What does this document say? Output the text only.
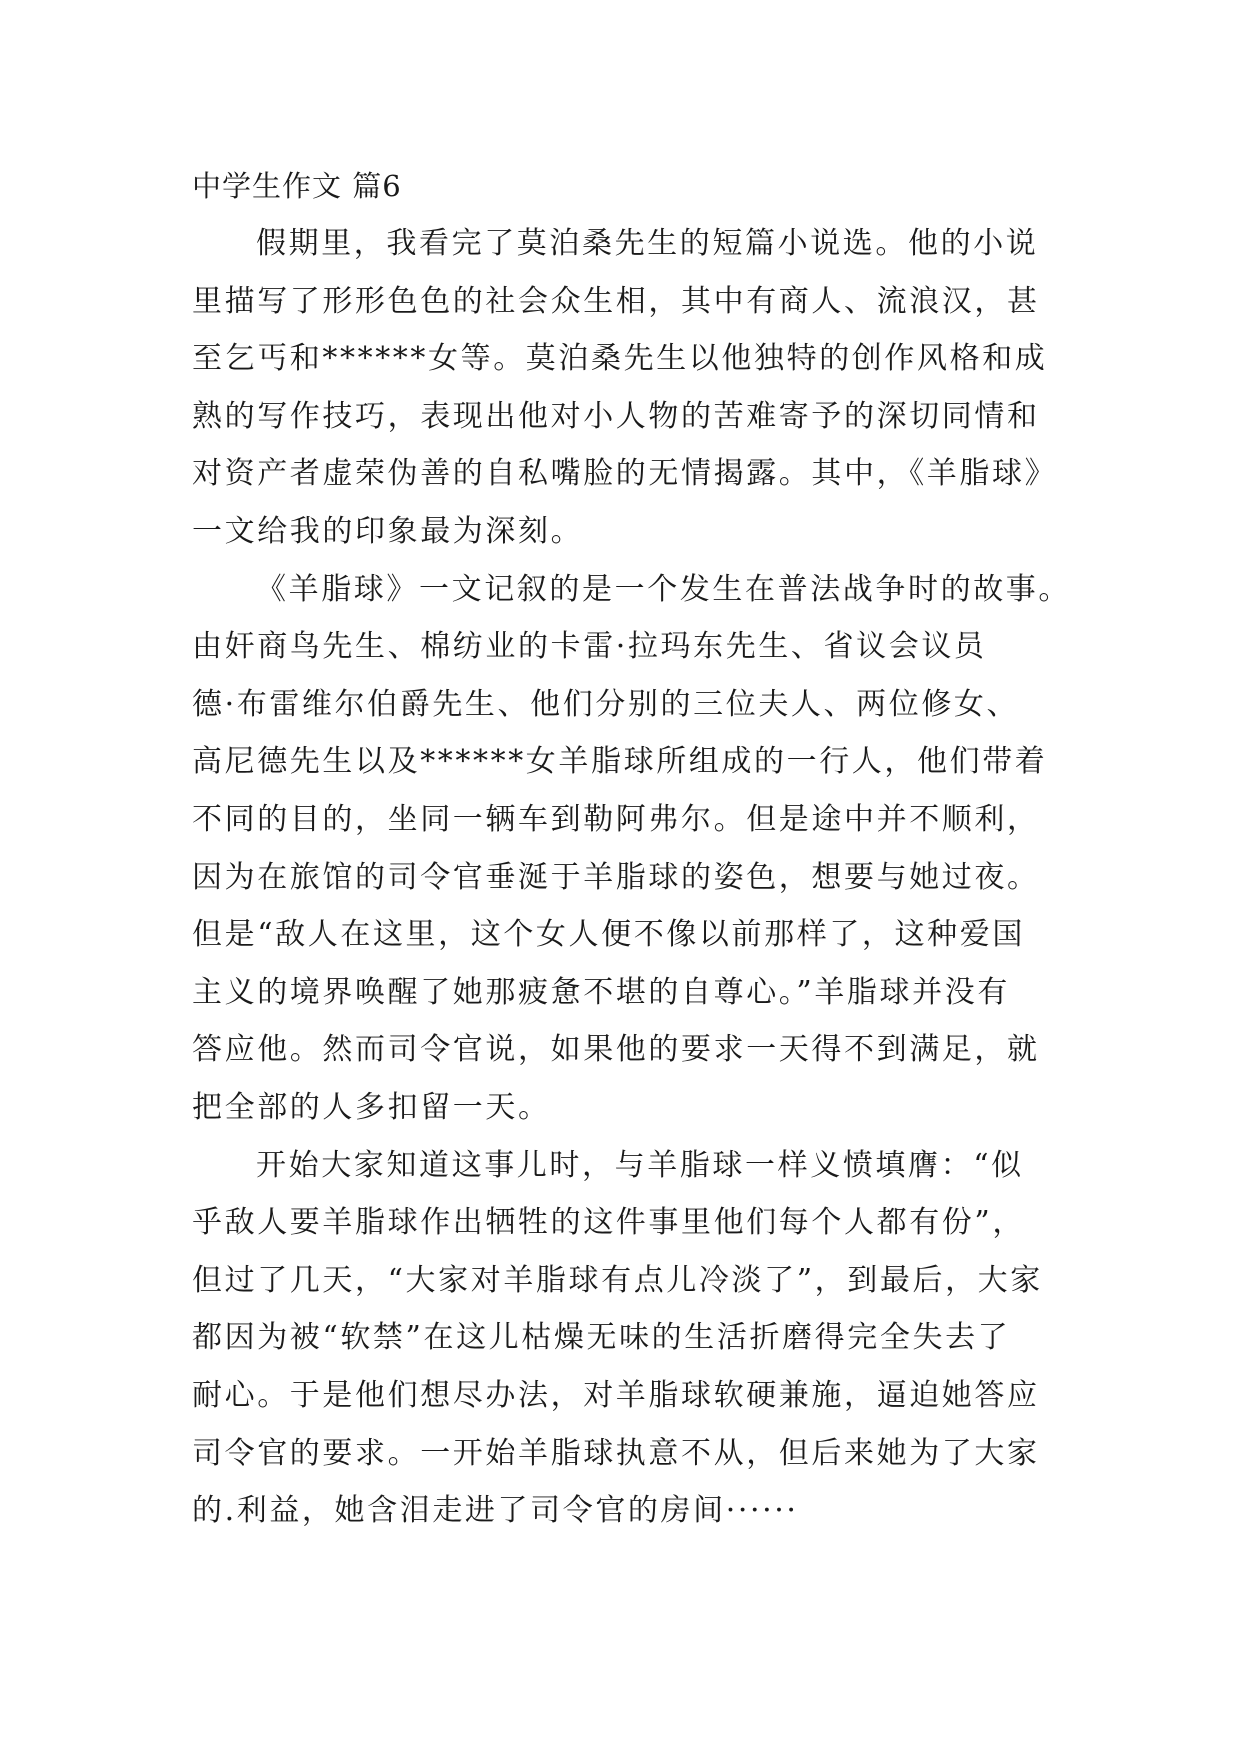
中学生作文 篇6
假期里，我看完了莫泊桑先生的短篇小说选。他的小说
里描写了形形色色的社会众生相，其中有商人、流浪汉，甚
至乞丐和******女等。莫泊桑先生以他独特的创作风格和成
熟的写作技巧，表现出他对小人物的苦难寄予的深切同情和
对资产者虚荣伪善的自私嘴脸的无情揭露。其中，《羊脂球》
一文给我的印象最为深刻。
《羊脂球》一文记叙的是一个发生在普法战争时的故事。
由奸商鸟先生、棉纺业的卡雷·拉玛东先生、省议会议员
德·布雷维尔伯爵先生、他们分别的三位夫人、两位修女、
高尼德先生以及******女羊脂球所组成的一行人，他们带着
不同的目的，坐同一辆车到勒阿弗尔。但是途中并不顺利，
因为在旅馆的司令官垂涎于羊脂球的姿色，想要与她过夜。
但是“敌人在这里，这个女人便不像以前那样了，这种爱国
主义的境界唤醒了她那疲惫不堪的自尊心。”羊脂球并没有
答应他。然而司令官说，如果他的要求一天得不到满足，就
把全部的人多扣留一天。
开始大家知道这事儿时，与羊脂球一样义愤填膺：“似
乎敌人要羊脂球作出牺牲的这件事里他们每个人都有份”，
但过了几天，“大家对羊脂球有点儿冷淡了”，到最后，大家
都因为被“软禁”在这儿枯燥无味的生活折磨得完全失去了
耐心。于是他们想尽办法，对羊脂球软硬兼施，逼迫她答应
司令官的要求。一开始羊脂球执意不从，但后来她为了大家
的.利益，她含泪走进了司令官的房间······
